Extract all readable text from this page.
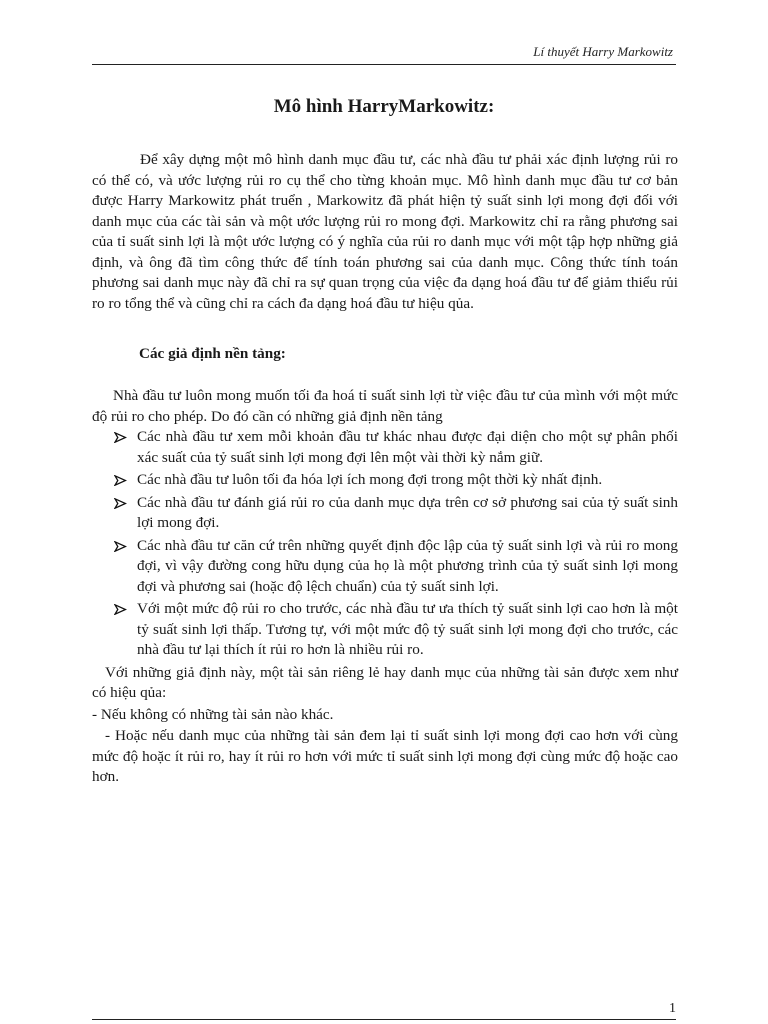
Lí thuyết Harry Markowitz
Mô hình HarryMarkowitz:

Để xây dựng một mô hình danh mục đầu tư, các nhà đầu tư phải xác định lượng rủi ro có thể có, và ước lượng rủi ro cụ thể cho từng khoản mục. Mô hình danh mục đầu tư cơ bản được Harry Markowitz phát truển , Markowitz đã phát hiện tỷ suất sinh lợi mong đợi đối với danh mục của các tài sản và một ước lượng rủi ro mong đợi. Markowitz chỉ ra rằng phương sai của tỉ suất sinh lợi là một ước lượng có ý nghĩa của rủi ro danh mục với một tập hợp những giả định, và ông đã tìm công thức để tính toán phương sai của danh mục. Công thức tính toán phương sai danh mục này đã chỉ ra sự quan trọng của việc đa dạng hoá đầu tư để giảm thiểu rủi ro ro tổng thể và cũng chỉ ra cách đa dạng hoá đầu tư hiệu qủa.

Các giả định nền tảng:

Nhà đầu tư luôn mong muốn tối đa hoá tỉ suất sinh lợi từ việc đầu tư của mình với một mức độ rủi ro cho phép. Do đó cần có những giả định nền tảng

Các nhà đầu tư xem mỗi khoản đầu tư khác nhau được đại diện cho một sự phân phối xác suất của tỷ suất sinh lợi mong đợi lên một vài thời kỳ nắm giữ.
Các nhà đầu tư luôn tối đa hóa lợi ích mong đợi trong một thời kỳ nhất định.
Các nhà đầu tư đánh giá rủi ro của danh mục dựa trên cơ sở phương sai của tỷ suất sinh lợi mong đợi.
Các nhà đầu tư căn cứ trên những quyết định độc lập của tỷ suất sinh lợi và rủi ro mong đợi, vì vậy đường cong hữu dụng của họ là một phương trình của tỷ suất sinh lợi mong đợi và phương sai (hoặc độ lệch chuẩn) của tỷ suất sinh lợi.
Với một mức độ rủi ro cho trước, các nhà đầu tư ưa thích tỷ suất sinh lợi cao hơn là một tỷ suất sinh lợi thấp. Tương tự, với một mức độ tỷ suất sinh lợi mong đợi cho trước, các nhà đầu tư lại thích ít rủi ro hơn là nhiều rủi ro.

Với những giả định này, một tài sản riêng lẻ hay danh mục của những tài sản được xem như có hiệu qủa:

- Nếu không có những tài sản nào khác.

- Hoặc nếu danh mục của những tài sản đem lại tỉ suất sinh lợi mong đợi cao hơn với cùng mức độ hoặc ít rủi ro, hay ít rủi ro hơn với mức tỉ suất sinh lợi mong đợi cùng mức độ hoặc cao hơn.

1
